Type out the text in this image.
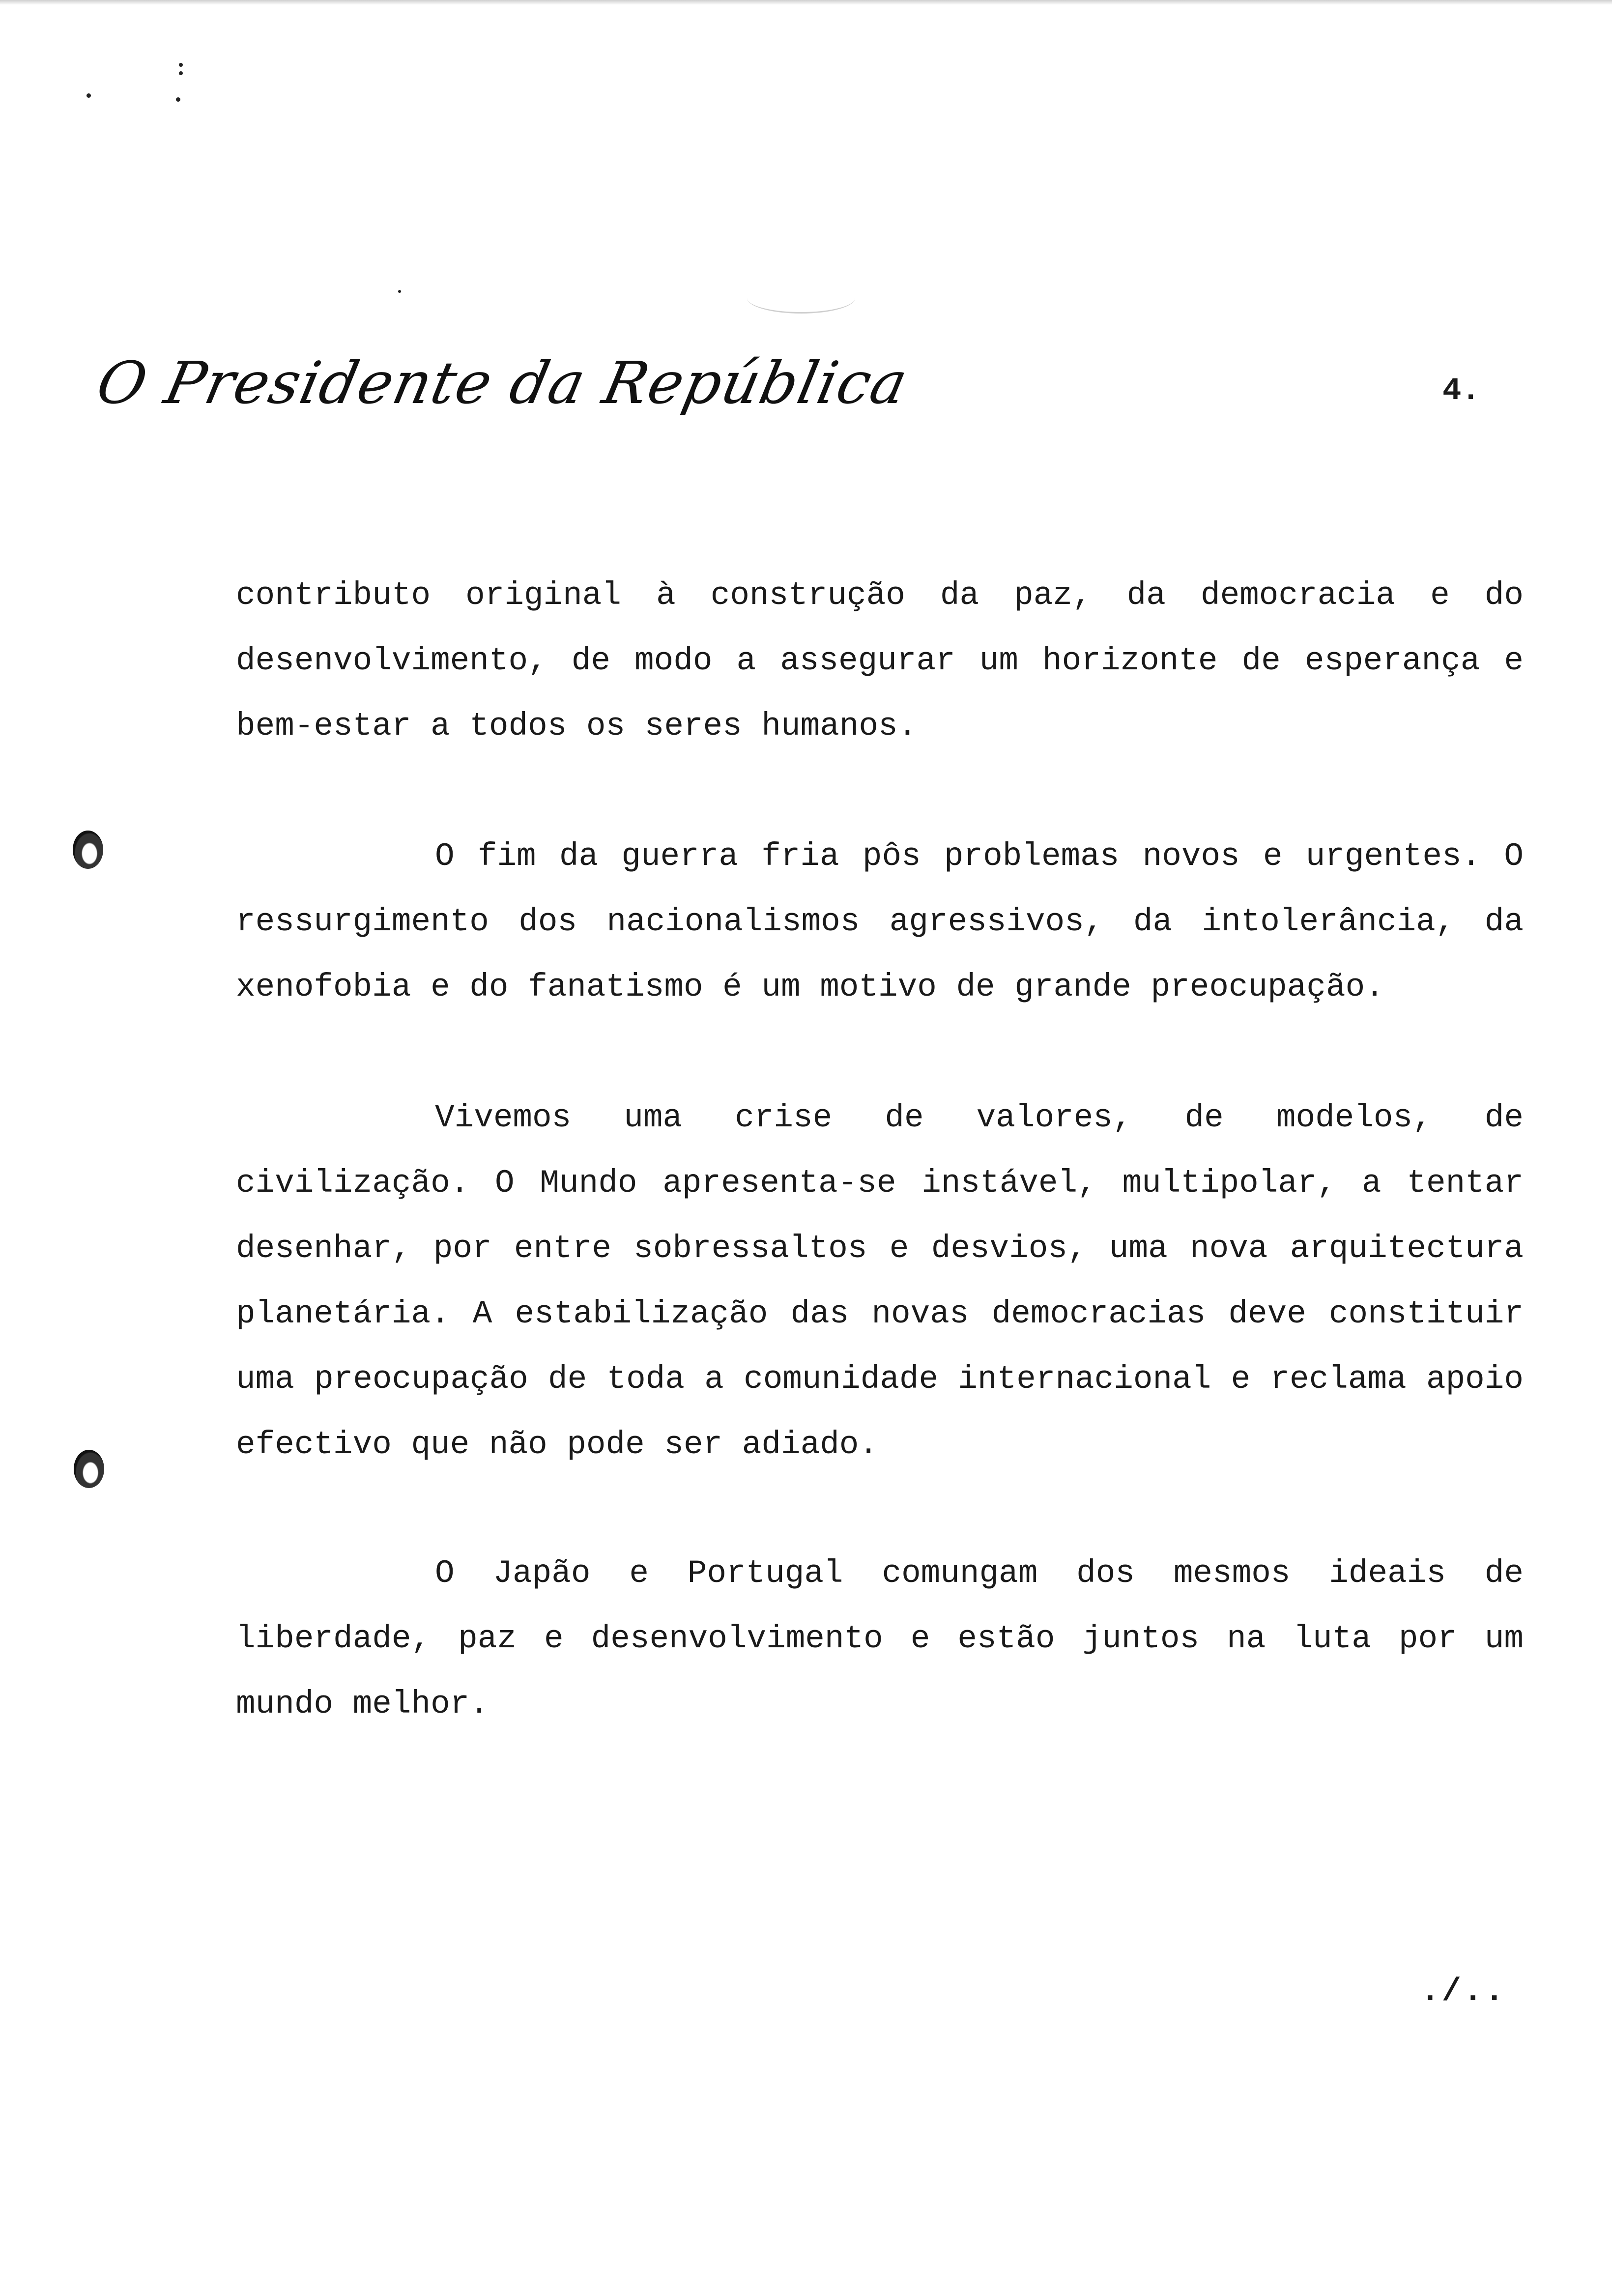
O Presidente da República	4.

contributo original à construção da paz, da democracia e do desenvolvimento, de modo a assegurar um horizonte de esperança e bem-estar a todos os seres humanos.

O fim da guerra fria pôs problemas novos e urgentes. O ressurgimento dos nacionalismos agressivos, da intolerância, da xenofobia e do fanatismo é um motivo de grande preocupação.

Vivemos uma crise de valores, de modelos, de civilização. O Mundo apresenta-se instável, multipolar, a tentar desenhar, por entre sobressaltos e desvios, uma nova arquitectura planetária. A estabilização das novas democracias deve constituir uma preocupação de toda a comunidade internacional e reclama apoio efectivo que não pode ser adiado.

O Japão e Portugal comungam dos mesmos ideais de liberdade, paz e desenvolvimento e estão juntos na luta por um mundo melhor.

./..
